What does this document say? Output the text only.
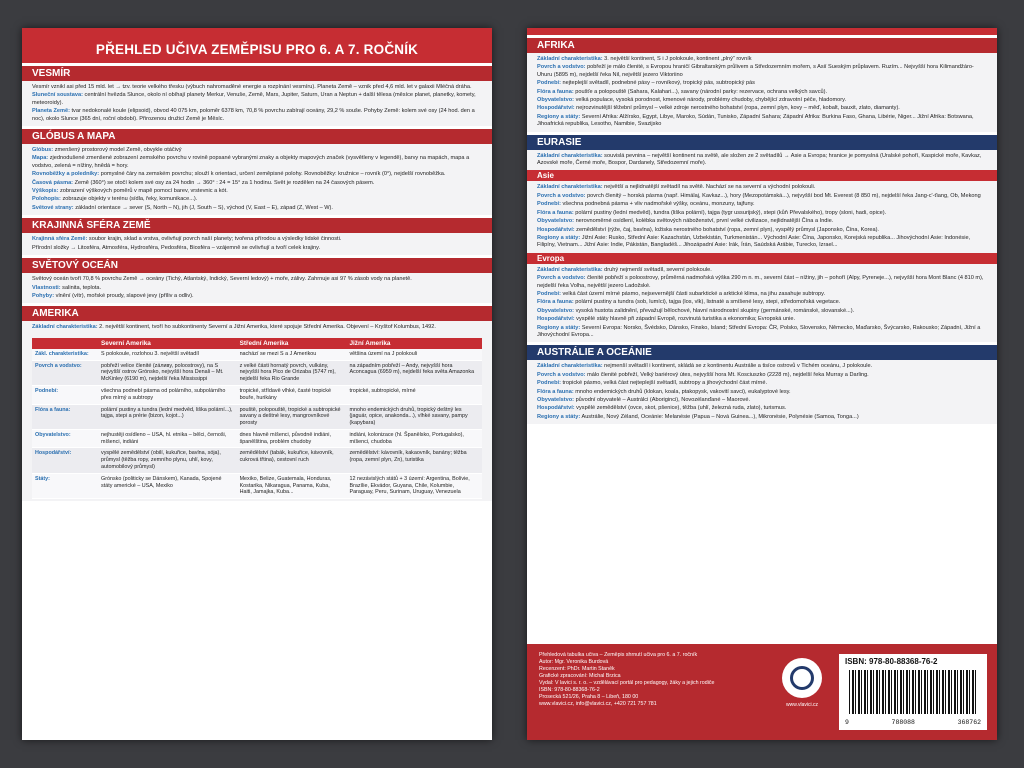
PŘEHLED UČIVA ZEMĚPISU PRO 6. A 7. ROČNÍK
VESMÍR
Vesmír vznikl asi před 15 mld. let → tzv. teorie velkého třesku (výbuch nahromaděné energie a rozpínání vesmíru). Planeta Země – vznik před 4,6 mld. let v galaxii Mléčná dráha.
Sluneční soustava: centrální hvězda Slunce, okolo ní obíhají planety Merkur, Venuše, Země, Mars, Jupiter, Saturn, Uran a Neptun + další tělesa (měsíce planet, planetky, komety, meteoroidy).
Planeta Země: tvar nedokonalé koule (elipsoid), obvod 40 075 km, poloměr 6378 km, 70,8 % povrchu zabírají oceány, 29,2 % souše. Pohyby Země: kolem své osy (24 hod. den a noc), okolo Slunce (365 dní, roční období). Přirozenou družicí Země je Měsíc.
GLÓBUS A MAPA
Glóbus: zmenšený prostorový model Země, obvykle otáčivý
Mapa: zjednodušené zmenšené zobrazení zemského povrchu v rovině popsané vybranými znaky a objekty mapových značek (vysvětleny v legendě), barvy na mapách, mapa a vodstvo, zelená = nížiny, hnědá = hory.
Rovnoběžky a poledníky: pomyslné čáry na zemském povrchu; slouží k orientaci, určení zeměpisné polohy. Rovnoběžky: kružnice – rovník (0°), nejdelší rovnoběžka.
Časová pásma: Země (360°) se otočí kolem své osy za 24 hodin → 360° : 24 = 15° za 1 hodinu. Svět je rozdělen na 24 časových pásem.
Výškopis: zobrazení výškových poměrů v mapě pomocí barev, vrstevnic a kót.
Polohopis: zobrazuje objekty v terénu (sídla, řeky, komunikace...).
Světové strany: základní orientace → sever (S, North – N), jih (J, South – S), východ (V, East – E), západ (Z, West – W).
KRAJINNÁ SFÉRA ZEMĚ
Krajinná sféra Země: soubor krajin, sklad a vrstva, ovlivňují povrch naší planety; tvořena přírodou a výsledky lidské činnosti.
Přírodní složky → Litosféra, Atmosféra, Hydrosféra, Pedosféra, Biosféra – vzájemně se ovlivňují a tvoří celek krajiny.
SVĚTOVÝ OCEÁN
Světový oceán tvoří 70,8 % povrchu Země → oceány (Tichý, Atlantský, Indický, Severní ledový) + moře, zálivy. Zahrnuje asi 97 % zásob vody na planetě.
Vlastnosti: salinita, teplota.
Pohyby: vlnění (vítr), mořské proudy, slapové jevy (příliv a odliv).
AMERIKA
Základní charakteristika: 2. největší kontinent, tvoří ho subkontinenty Severní a Jižní Amerika, které spojuje Střední Amerika. Objevení – Kryštof Kolumbus, 1492.
	Severní Amerika	Střední Amerika	Jižní Amerika
Zákl. charakteristika:	S polokoule, rozlohou 3. největší světadíl	nachází se mezi S a J Amerikou	většina území na J polokouli
Povrch a vodstvo:	pobřeží velice členité (záливy, poloostrovy), na S nejvyšší ostrov Grónsko, nejvyšší hora Denali – Mt. McKinley (6190 m), nejdelší řeka Mississippi	z velké části hornatý povrch, vulkány, nejvyšší hora Pico de Orizaba (5747 m), nejdelší řeka Rio Grande	na západním pobřeží – Andy, nejvyšší hora Aconcagua (6959 m), nejdelší řeka světa Amazonka
Podnebí:	všechna podnebí pásma od polárního, subpolárního přes mírný a subtropy	tropické, střídavě vlhké, časté tropické bouře, hurikány	tropické, subtropické, mírné
Flóra a fauna:	polární pustiny a tundra (lední medvěd, liška polární...), tajga, stepi a prérie (bizon, kojot...)	pouště, polopouště, tropické a subtropické savany a deštné lesy, mangrovníkové porosty	mnoho endemických druhů, tropický deštný les (jaguár, opice, anakonda...), vlhké savany, pampy (kapybara)
Obyvatelstvo:	nejhustěji osídleno – USA, hl. etnika – bělci, černoši, míšenci, indiáni	dnes hlavně míšenci, původně indiáni, španělština, problém chudoby	indiáni, kolonizace (hl. Španělsko, Portugalsko), míšenci, chudoba
Hospodářství:	vyspělé zemědělství (obilí, kukuřice, bavlna, sója), průmysl (těžba ropy, zemního plynu, uhlí, kovy, automobilový průmysl)	zemědělství (tabák, kukuřice, kávovník, cukrová třtina), cestovní ruch	zemědělství: kávovník, kakaovník, banány; těžba (ropa, zemní plyn, Zn), turistika
Státy:	Grónsko (politicky se Dánskem), Kanada, Spojené státy americké – USA, Mexiko	Mexiko, Belize, Guatemala, Honduras, Kostarika, Nikaragua, Panama, Kuba, Haiti, Jamajka, Kuba...	12 nezávislých států + 3 území: Argentina, Bolívie, Brazílie, Ekvádor, Guyana, Chile, Kolumbie, Paraguay, Peru, Surinam, Uruguay, Venezuela
AFRIKA
Základní charakteristika: 3. největší kontinent, S i J polokoule, kontinent „plný“ rovník
Povrch a vodstvo: pobřeží je málo členité, s Evropou hraničí Gibraltarským průlivem a Středozemním mořem, s Asií Sueským průplavem. Ruzím... Nejvyšší hora Kilimandžáro-Uhuru (5895 m), nejdelší řeka Nil, největší jezero Viktoriino
Podnebí: nejteplejší světadíl, podnebné pásy – rovníkový, tropický pás, subtropický pás
Flóra a fauna: poušťe a polopouště (Sahara, Kalahari...), savany (národní parky: rezervace, ochrana velkých savců).
Obyvatelstvo: velká populace, vysoká porodnost, kmenové národy, problémy chudoby, chybějící zdravotní péče, hladomory.
Hospodářství: nejrozvinutější těžební průmysl – velké zdroje nerostného bohatství (ropa, zemní plyn, kovy – měď, kobalt, bauxit, zlato, diamanty).
Regiony a státy: Severní Afrika: Alžírsko, Egypt, Libye, Maroko, Súdán, Tunisko, Západní Sahara; Západní Afrika: Burkina Faso, Ghana, Libérie, Niger... Jižní Afrika: Botswana, Jihoafrická republika, Lesotho, Namibie, Svazijsko
EURASIE
Základní charakteristika: souvislá pevnina – největší kontinent na světě, ale složen ze 2 světadílů → Asie a Evropa; hranice je pomyslná (Uralské pohoří, Kaspické moře, Kavkaz, Azovské moře, Černé moře, Bospor, Dardanely, Středozemní moře).
Asie
Základní charakteristika: největší a nejlidnatější světadíl na světě. Nachází se na severní a východní polokouli.
Povrch a vodstvo: povrch členitý – horská pásma (např. Himálaj, Kavkaz...), hory (Mezopotámská...), nejvyšší bod Mt. Everest (8 850 m), nejdelší řeka Jang-c'-ťiang, Ob, Mekong
Podnebí: všechna podnebná pásma + vliv nadmořské výšky, oceánu, monzuny, tajfuny.
Flóra a fauna: polární pustiny (lední medvěd), tundra (liška polární), tajga (tygr ussurijský), stepi (kůň Převalského), tropy (sloni, hadi, opice).
Obyvatelstvo: nerovnoměrné osídlení, kolébka světových náboženství, první velké civilizace, nejlidnatější Čína a Indie.
Hospodářství: zemědělství (rýže, čaj, bavlna), ložiska nerostného bohatství (ropa, zemní plyn), vyspělý průmysl (Japonsko, Čína, Korea).
Regiony a státy: Jižní Asie: Rusko, Střední Asie: Kazachstán, Uzbekistán, Turkmenistán... Východní Asie: Čína, Japonsko, Korejská republika... Jihovýchodní Asie: Indonésie, Filipíny, Vietnam... Jižní Asie: Indie, Pákistán, Bangladéš... Jihozápadní Asie: Irák, Írán, Saúdská Arábie, Turecko, Izrael...
Evropa
Základní charakteristika: druhý nejmenší světadíl, severní polokoule.
Povrch a vodstvo: členité pobřeží s poloostrovy, průměrná nadmořská výška 290 m n. m., severní část – nížiny, jih – pohoří (Alpy, Pyreneje...), nejvyšší hora Mont Blanc (4 810 m), nejdelší řeka Volha, největší jezero Ladožské.
Podnebí: velká část území mírné pásmo, nejsevernější části subarktické a arktické klima, na jihu zasahuje subtropy.
Flóra a fauna: polární pustiny a tundra (sob, lumíci), tajga (los, vlk), listnaté a smíšené lesy, stepi, středomořská vegetace.
Obyvatelstvo: vysoká hustota zalidnění, převažují bělochové, hlavní národnostní skupiny (germánské, románské, slovanské...).
Hospodářství: vyspělé státy hlavně při západní Evropě, rozvinutá turistika a ekonomika; Evropská unie.
Regiony a státy: Severní Evropa: Norsko, Švédsko, Dánsko, Finsko, Island; Střední Evropa: ČR, Polsko, Slovensko, Německo, Maďarsko, Švýcarsko, Rakousko; Západní, Jižní a Jihovýchodní Evropa...
AUSTRÁLIE A OCEÁNIE
Základní charakteristika: nejmenší světadíl i kontinent, skládá se z kontinentu Austrálie a tisíce ostrovů v Tichém oceánu, J polokoule.
Povrch a vodstvo: málo členité pobřeží, Velký bariérový útes, nejvyšší hora Mt. Kosciuszko (2228 m), nejdelší řeka Murray a Darling.
Podnebí: tropické pásmo, velká část nejteplejší světadíl, subtropy a jihovýchodní část mírné.
Flóra a fauna: mnoho endemických druhů (klokan, koala, ptakopysk, vakovití savci), eukalyptové lesy.
Obyvatelstvo: původní obyvatelé – Austrálci (Aboriginci), Novozélanďané – Maorové.
Hospodářství: vyspělé zemědělství (ovce, skot, pšenice), těžba (uhlí, železná ruda, zlato), turismus.
Regiony a státy: Austrálie, Nový Zéland, Oceánie: Melanésie (Papua – Nová Guinea...), Mikronésie, Polynésie (Samoa, Tonga...)
Přehledová tabulka učiva – Zeměpis shrnutí učiva pro 6. a 7. ročník
Autor: Mgr. Veronika Burdová
Recenzent: PhDr. Martin Staněk
Grafické zpracování: Michal Brzica
Vydal: V lavici s. r. o. – vzdělávací portál pro pedagogy, žáky a jejich rodiče
ISBN: 978-80-88368-76-2
Prosecká 521/26, Praha 8 – Libeň, 180 00
www.vlavici.cz, info@vlavici.cz, +420 721 757 781	www.vlavici.cz
ISBN: 978-80-88368-76-2
9	788088	368762
